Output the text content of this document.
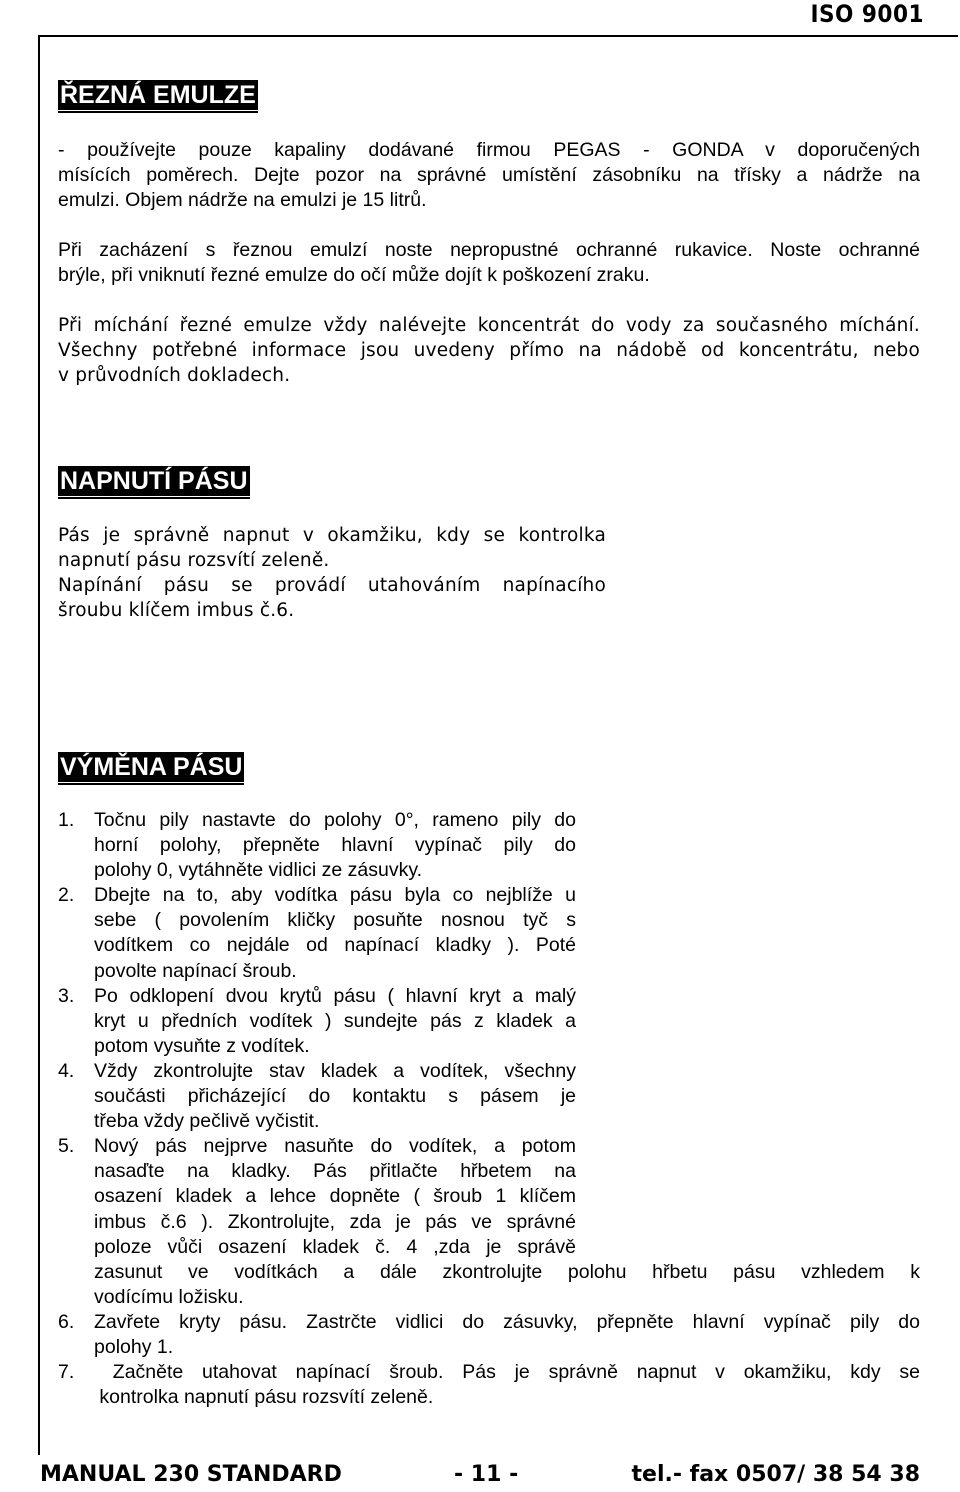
ISO 9001
ŘEZNÁ EMULZE
- používejte pouze kapaliny dodávané firmou PEGAS - GONDA v doporučených
mísících poměrech. Dejte pozor na správné umístění zásobníku na třísky a nádrže na
emulzi. Objem nádrže na emulzi je 15 litrů.
Při zacházení s řeznou emulzí noste nepropustné ochranné rukavice. Noste ochranné
brýle, při vniknutí řezné emulze do očí může dojít k poškození zraku.
Při míchání řezné emulze vždy nalévejte koncentrát do vody za současného míchání.
Všechny potřebné informace jsou uvedeny přímo na nádobě od koncentrátu, nebo
v průvodních dokladech.
NAPNUTÍ PÁSU
Pás je správně napnut v okamžiku, kdy se kontrolka
napnutí pásu rozsvítí zeleně.
Napínání pásu se provádí utahováním napínacího
šroubu klíčem imbus č.6.
VÝMĚNA PÁSU
1. Točnu pily nastavte do polohy 0°, rameno pily do
horní polohy, přepněte hlavní vypínač pily do
polohy 0, vytáhněte vidlici ze zásuvky.
2. Dbejte na to, aby vodítka pásu byla co nejblíže u
sebe ( povolením kličky posuňte nosnou tyč s
vodítkem co nejdále od napínací kladky ). Poté
povolte napínací šroub.
3. Po odklopení dvou krytů pásu ( hlavní kryt a malý
kryt u předních vodítek ) sundejte pás z kladek a
potom vysuňte z vodítek.
4. Vždy zkontrolujte stav kladek a vodítek, všechny
součásti přicházející do kontaktu s pásem je
třeba vždy pečlivě vyčistit.
5. Nový pás nejprve nasuňte do vodítek, a potom
nasaďte na kladky. Pás přitlačte hřbetem na
osazení kladek a lehce dopněte ( šroub 1 klíčem
imbus č.6 ). Zkontrolujte, zda je pás ve správné
poloze vůči osazení kladek č. 4 ,zda je správě
zasunut ve vodítkách a dále zkontrolujte polohu hřbetu pásu vzhledem k
vodícímu ložisku.
6. Zavřete kryty pásu. Zastrčte vidlici do zásuvky, přepněte hlavní vypínač pily do
polohy 1.
7. Začněte utahovat napínací šroub. Pás je správně napnut v okamžiku, kdy se
kontrolka napnutí pásu rozsvítí zeleně.
MANUAL 230 STANDARD	- 11 -	tel.- fax 0507/ 38 54 38
